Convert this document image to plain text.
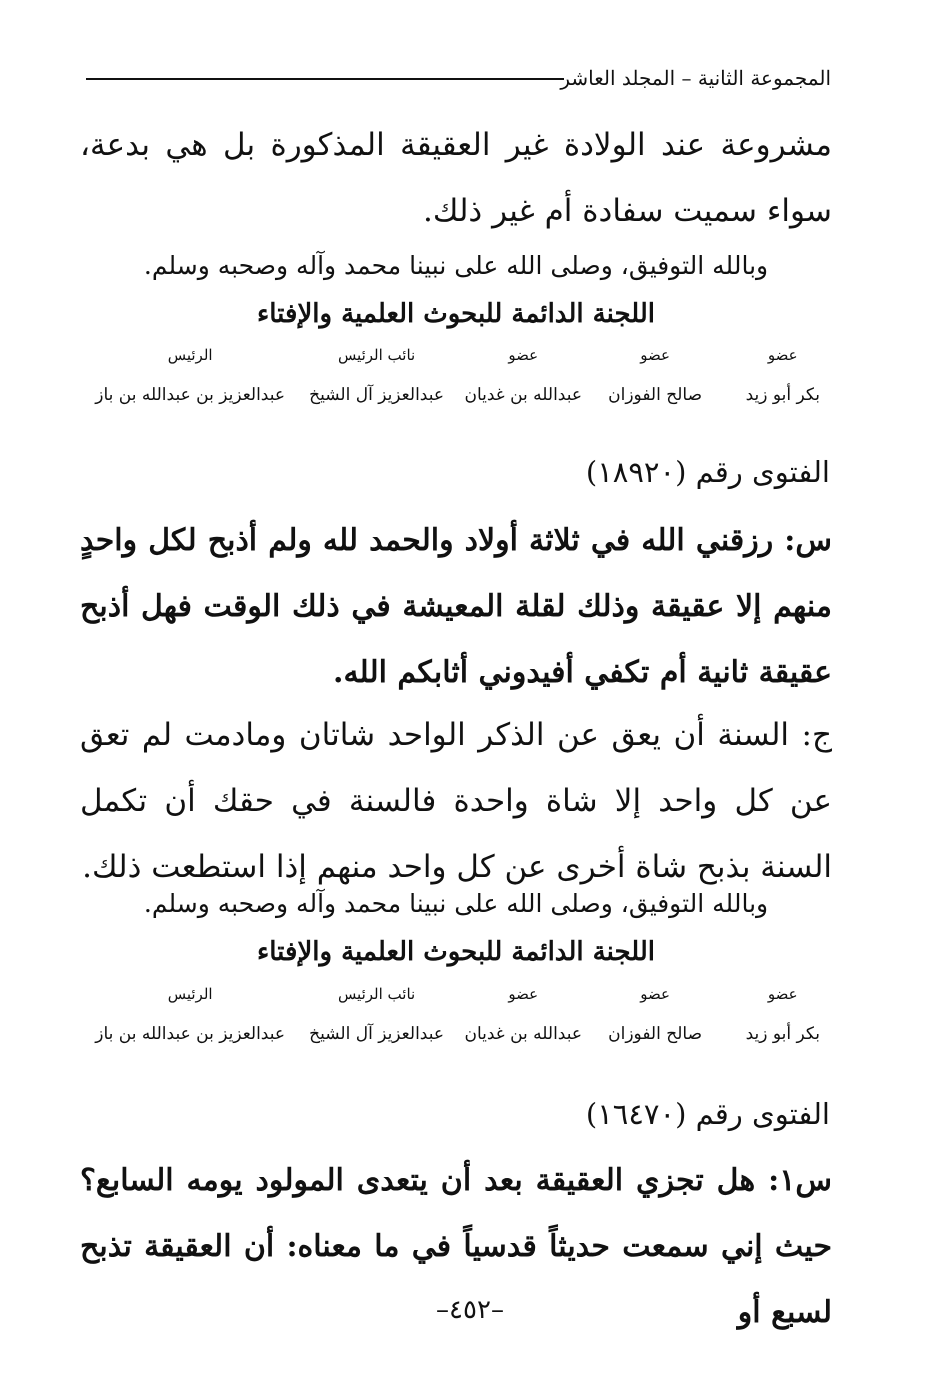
المجموعة الثانية – المجلد العاشر

مشروعة عند الولادة غير العقيقة المذكورة بل هي بدعة، سواء سميت سفادة أم غير ذلك.

وبالله التوفيق، وصلى الله على نبينا محمد وآله وصحبه وسلم.

اللجنة الدائمة للبحوث العلمية والإفتاء

عضو
بكر أبو زيد
عضو
صالح الفوزان
عضو
عبدالله بن غديان
نائب الرئيس
عبدالعزيز آل الشيخ
الرئيس
عبدالعزيز بن عبدالله بن باز
الفتوى رقم (١٨٩٢٠)

س: رزقني الله في ثلاثة أولاد والحمد لله ولم أذبح لكل واحدٍ منهم إلا عقيقة وذلك لقلة المعيشة في ذلك الوقت فهل أذبح عقيقة ثانية أم تكفي أفيدوني أثابكم الله.

ج: السنة أن يعق عن الذكر الواحد شاتان ومادمت لم تعق عن كل واحد إلا شاة واحدة فالسنة في حقك أن تكمل السنة بذبح شاة أخرى عن كل واحد منهم إذا استطعت ذلك.

وبالله التوفيق، وصلى الله على نبينا محمد وآله وصحبه وسلم.

اللجنة الدائمة للبحوث العلمية والإفتاء

عضو
بكر أبو زيد
عضو
صالح الفوزان
عضو
عبدالله بن غديان
نائب الرئيس
عبدالعزيز آل الشيخ
الرئيس
عبدالعزيز بن عبدالله بن باز
الفتوى رقم (١٦٤٧٠)

س١: هل تجزي العقيقة بعد أن يتعدى المولود يومه السابع؟ حيث إني سمعت حديثاً قدسياً في ما معناه: أن العقيقة تذبح لسبع أو

–٤٥٢–
